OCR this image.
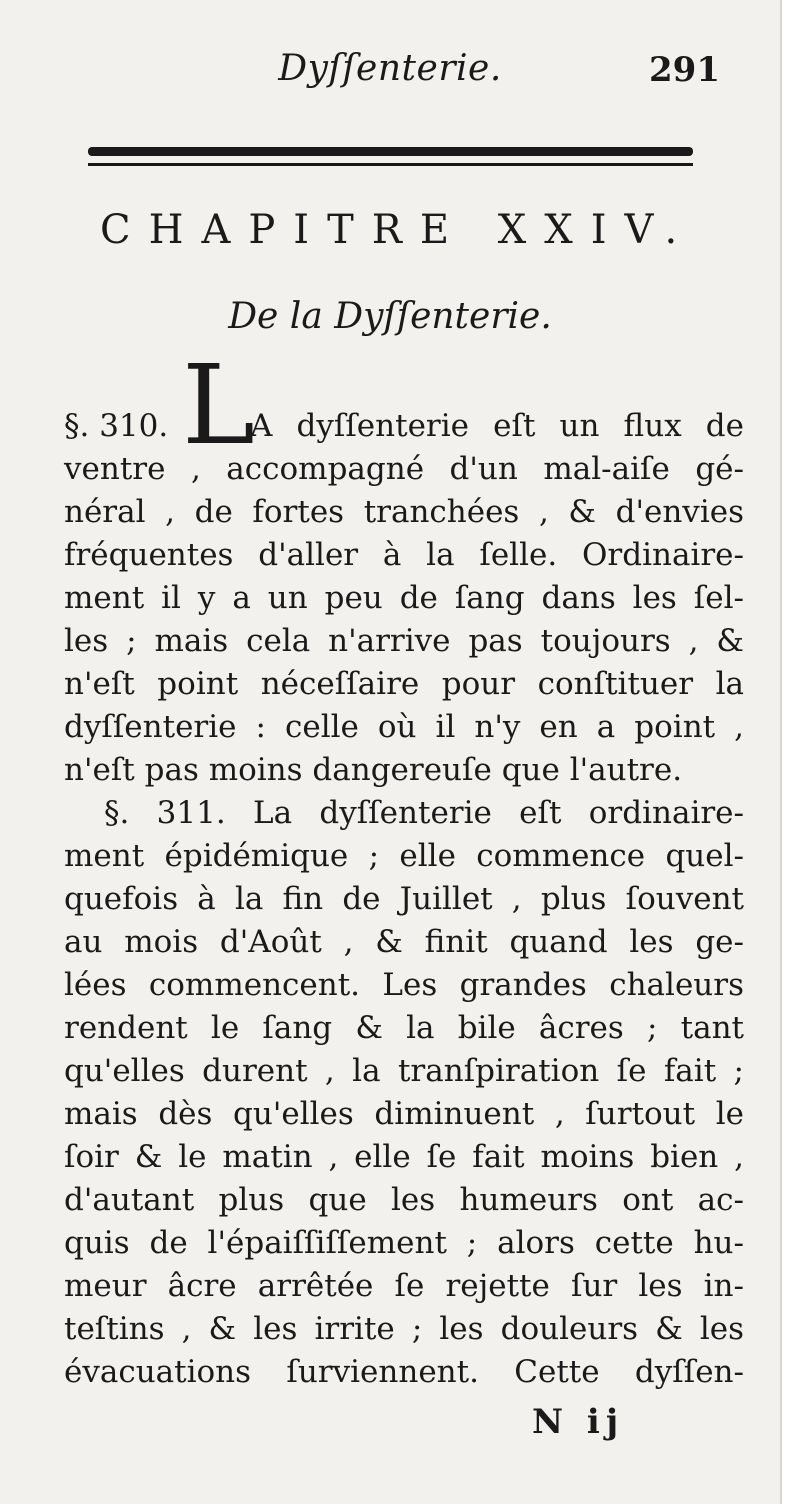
Dyſſenterie.	291
CHAPITRE XXIV.
De la Dyſſenterie.
§. 310. L
A dyſſenterie eſt un flux de
ventre , accompagné d'un mal-aiſe gé-
néral , de fortes tranchées , & d'envies
fréquentes d'aller à la ſelle. Ordinaire-
ment il y a un peu de ſang dans les ſel-
les ; mais cela n'arrive pas toujours , &
n'eſt point néceſſaire pour conſtituer la
dyſſenterie : celle où il n'y en a point ,
n'eſt pas moins dangereuſe que l'autre.
§. 311. La dyſſenterie eſt ordinaire-
ment épidémique ; elle commence quel-
quefois à la fin de Juillet , plus ſouvent
au mois d'Août , & finit quand les ge-
lées commencent. Les grandes chaleurs
rendent le ſang & la bile âcres ; tant
qu'elles durent , la tranſpiration ſe fait ;
mais dès qu'elles diminuent , ſurtout le
ſoir & le matin , elle ſe fait moins bien ,
d'autant plus que les humeurs ont ac-
quis de l'épaiſſiſſement ; alors cette hu-
meur âcre arrêtée ſe rejette ſur les in-
teſtins , & les irrite ; les douleurs & les
évacuations ſurviennent. Cette dyſſen-
N ij
